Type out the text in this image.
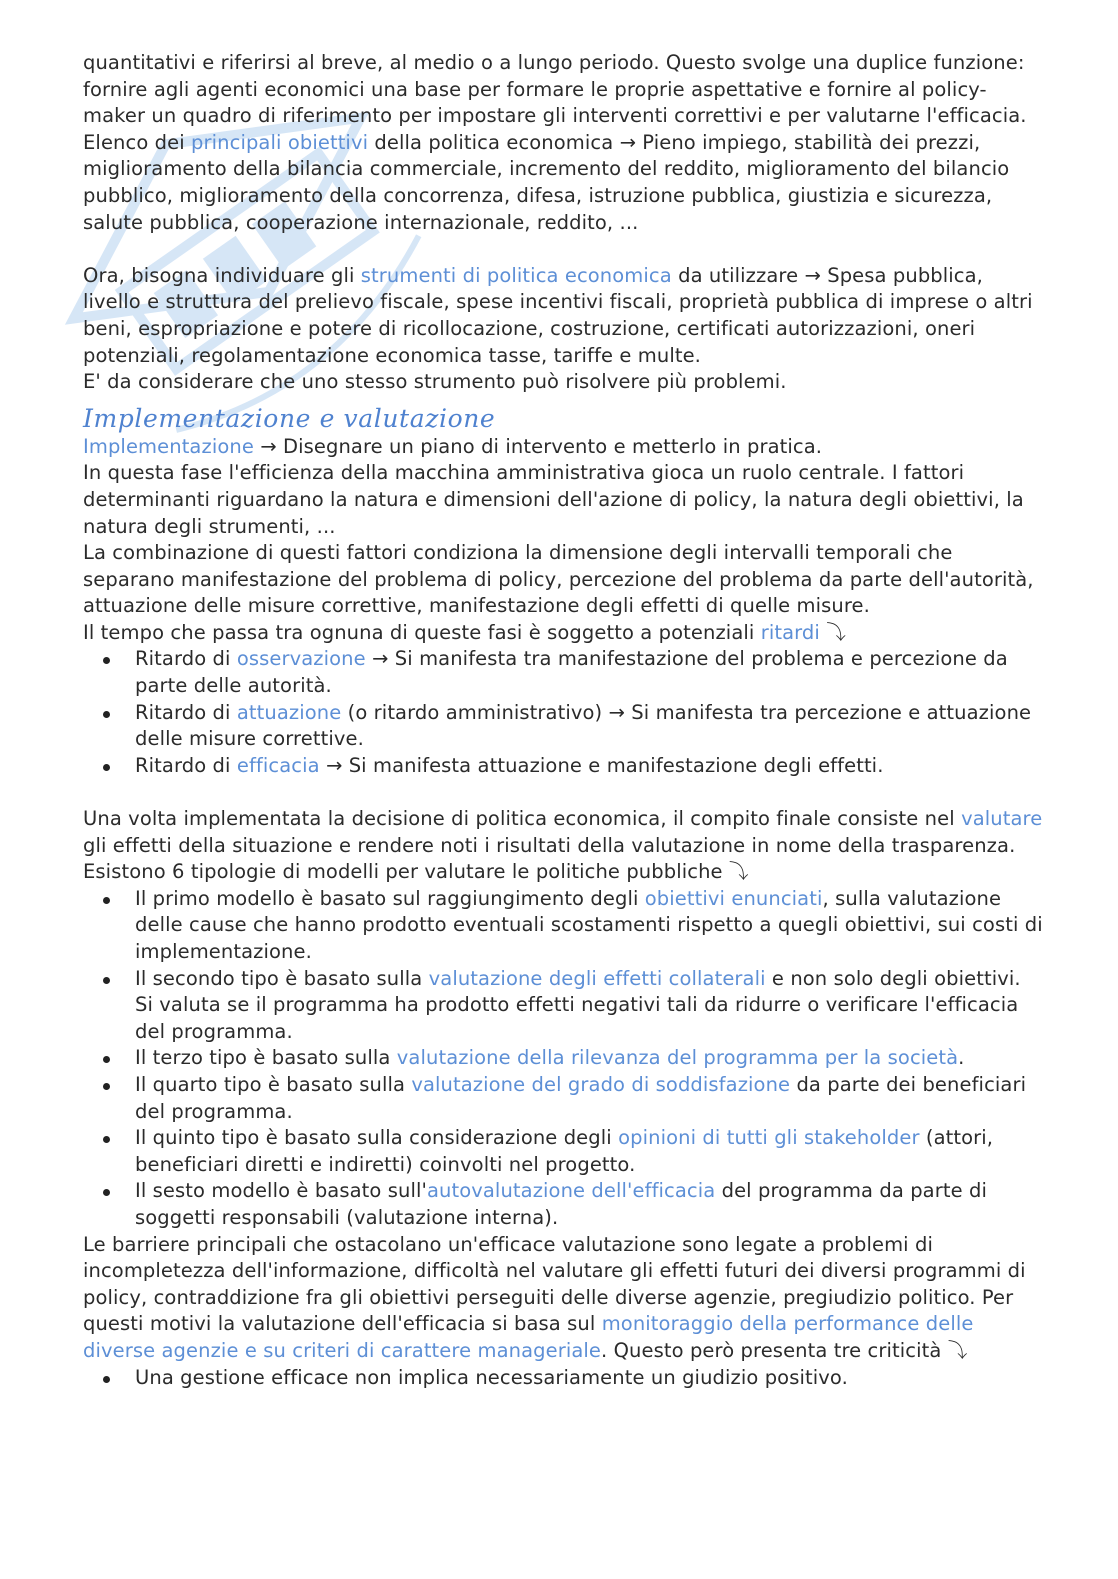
quantitativi e riferirsi al breve, al medio o a lungo periodo. Questo svolge una duplice funzione: fornire agli agenti economici una base per formare le proprie aspettative e fornire al policy-maker un quadro di riferimento per impostare gli interventi correttivi e per valutarne l'efficacia.

Elenco dei principali obiettivi della politica economica → Pieno impiego, stabilità dei prezzi, miglioramento della bilancia commerciale, incremento del reddito, miglioramento del bilancio pubblico, miglioramento della concorrenza, difesa, istruzione pubblica, giustizia e sicurezza, salute pubblica, cooperazione internazionale, reddito, ...

Ora, bisogna individuare gli strumenti di politica economica da utilizzare → Spesa pubblica, livello e struttura del prelievo fiscale, spese incentivi fiscali, proprietà pubblica di imprese o altri beni, espropriazione e potere di ricollocazione, costruzione, certificati autorizzazioni, oneri potenziali, regolamentazione economica tasse, tariffe e multe.

E' da considerare che uno stesso strumento può risolvere più problemi.

Implementazione e valutazione

Implementazione → Disegnare un piano di intervento e metterlo in pratica.

In questa fase l'efficienza della macchina amministrativa gioca un ruolo centrale. I fattori determinanti riguardano la natura e dimensioni dell'azione di policy, la natura degli obiettivi, la natura degli strumenti, ...

La combinazione di questi fattori condiziona la dimensione degli intervalli temporali che separano manifestazione del problema di policy, percezione del problema da parte dell'autorità, attuazione delle misure correttive, manifestazione degli effetti di quelle misure.

Il tempo che passa tra ognuna di queste fasi è soggetto a potenziali ritardi ⤵

Ritardo di osservazione → Si manifesta tra manifestazione del problema e percezione da parte delle autorità.
Ritardo di attuazione (o ritardo amministrativo) → Si manifesta tra percezione e attuazione delle misure correttive.
Ritardo di efficacia → Si manifesta attuazione e manifestazione degli effetti.

Una volta implementata la decisione di politica economica, il compito finale consiste nel valutare gli effetti della situazione e rendere noti i risultati della valutazione in nome della trasparenza. Esistono 6 tipologie di modelli per valutare le politiche pubbliche ⤵

Il primo modello è basato sul raggiungimento degli obiettivi enunciati, sulla valutazione delle cause che hanno prodotto eventuali scostamenti rispetto a quegli obiettivi, sui costi di implementazione.
Il secondo tipo è basato sulla valutazione degli effetti collaterali e non solo degli obiettivi. Si valuta se il programma ha prodotto effetti negativi tali da ridurre o verificare l'efficacia del programma.
Il terzo tipo è basato sulla valutazione della rilevanza del programma per la società.
Il quarto tipo è basato sulla valutazione del grado di soddisfazione da parte dei beneficiari del programma.
Il quinto tipo è basato sulla considerazione degli opinioni di tutti gli stakeholder (attori, beneficiari diretti e indiretti) coinvolti nel progetto.
Il sesto modello è basato sull'autovalutazione dell'efficacia del programma da parte di soggetti responsabili (valutazione interna).

Le barriere principali che ostacolano un'efficace valutazione sono legate a problemi di incompletezza dell'informazione, difficoltà nel valutare gli effetti futuri dei diversi programmi di policy, contraddizione fra gli obiettivi perseguiti delle diverse agenzie, pregiudizio politico. Per questi motivi la valutazione dell'efficacia si basa sul monitoraggio della performance delle diverse agenzie e su criteri di carattere manageriale. Questo però presenta tre criticità ⤵

Una gestione efficace non implica necessariamente un giudizio positivo.
